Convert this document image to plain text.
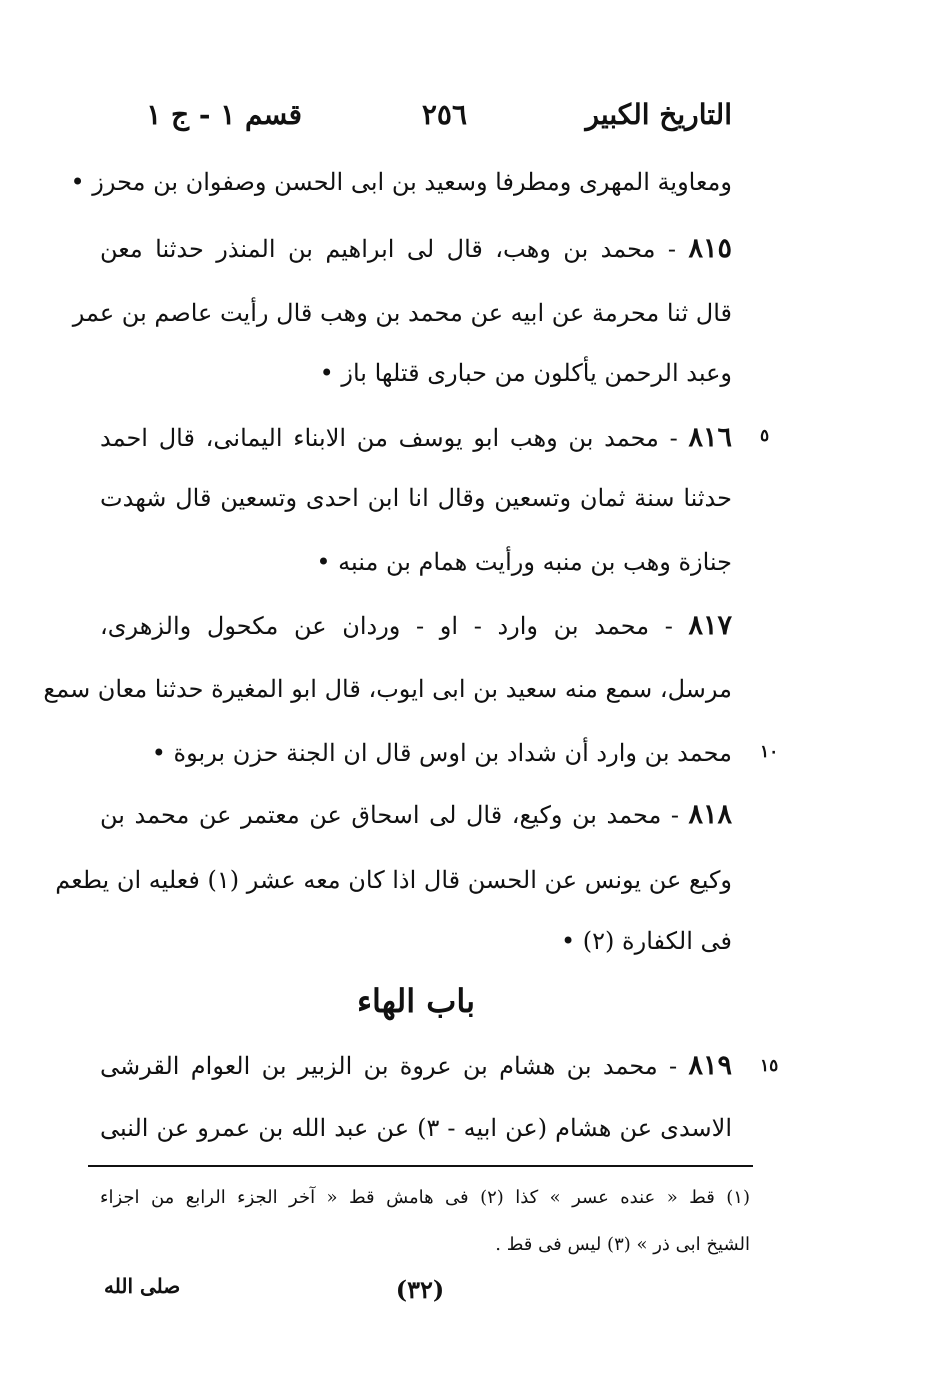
التاريخ الكبير
٢٥٦
قسم ١ - ج ١
ومعاوية المهرى ومطرفا وسعيد بن ابى الحسن وصفوان بن محرز •
٨١٥ - محمد بن وهب، قال لى ابراهيم بن المنذر حدثنا معن
قال ثنا محرمة عن ابيه عن محمد بن وهب قال رأيت عاصم بن عمر
وعبد الرحمن يأكلون من حبارى قتلها باز •
٨١٦ - محمد بن وهب ابو يوسف من الابناء اليمانى، قال احمد
حدثنا سنة ثمان وتسعين وقال انا ابن احدى وتسعين قال شهدت
جنازة وهب بن منبه ورأيت همام بن منبه •
٨١٧ - محمد بن وارد - او - وردان عن مكحول والزهرى،
مرسل، سمع منه سعيد بن ابى ايوب، قال ابو المغيرة حدثنا معان سمع
محمد بن وارد أن شداد بن اوس قال ان الجنة حزن بربوة •
٨١٨ - محمد بن وكيع، قال لى اسحاق عن معتمر عن محمد بن
وكيع عن يونس عن الحسن قال اذا كان معه عشر (١) فعليه ان يطعم
فى الكفارة (٢) •
باب الهاء
٨١٩ - محمد بن هشام بن عروة بن الزبير بن العوام القرشى
الاسدى عن هشام (عن ابيه - ٣) عن عبد الله بن عمرو عن النبى
٥
١٠
١٥
(١) قط « عنده عسر » كذا (٢) فى هامش قط « آخر الجزء الرابع من اجزاء
الشيخ ابى ذر » (٣) ليس فى قط .
(٣٢)
صلى الله
